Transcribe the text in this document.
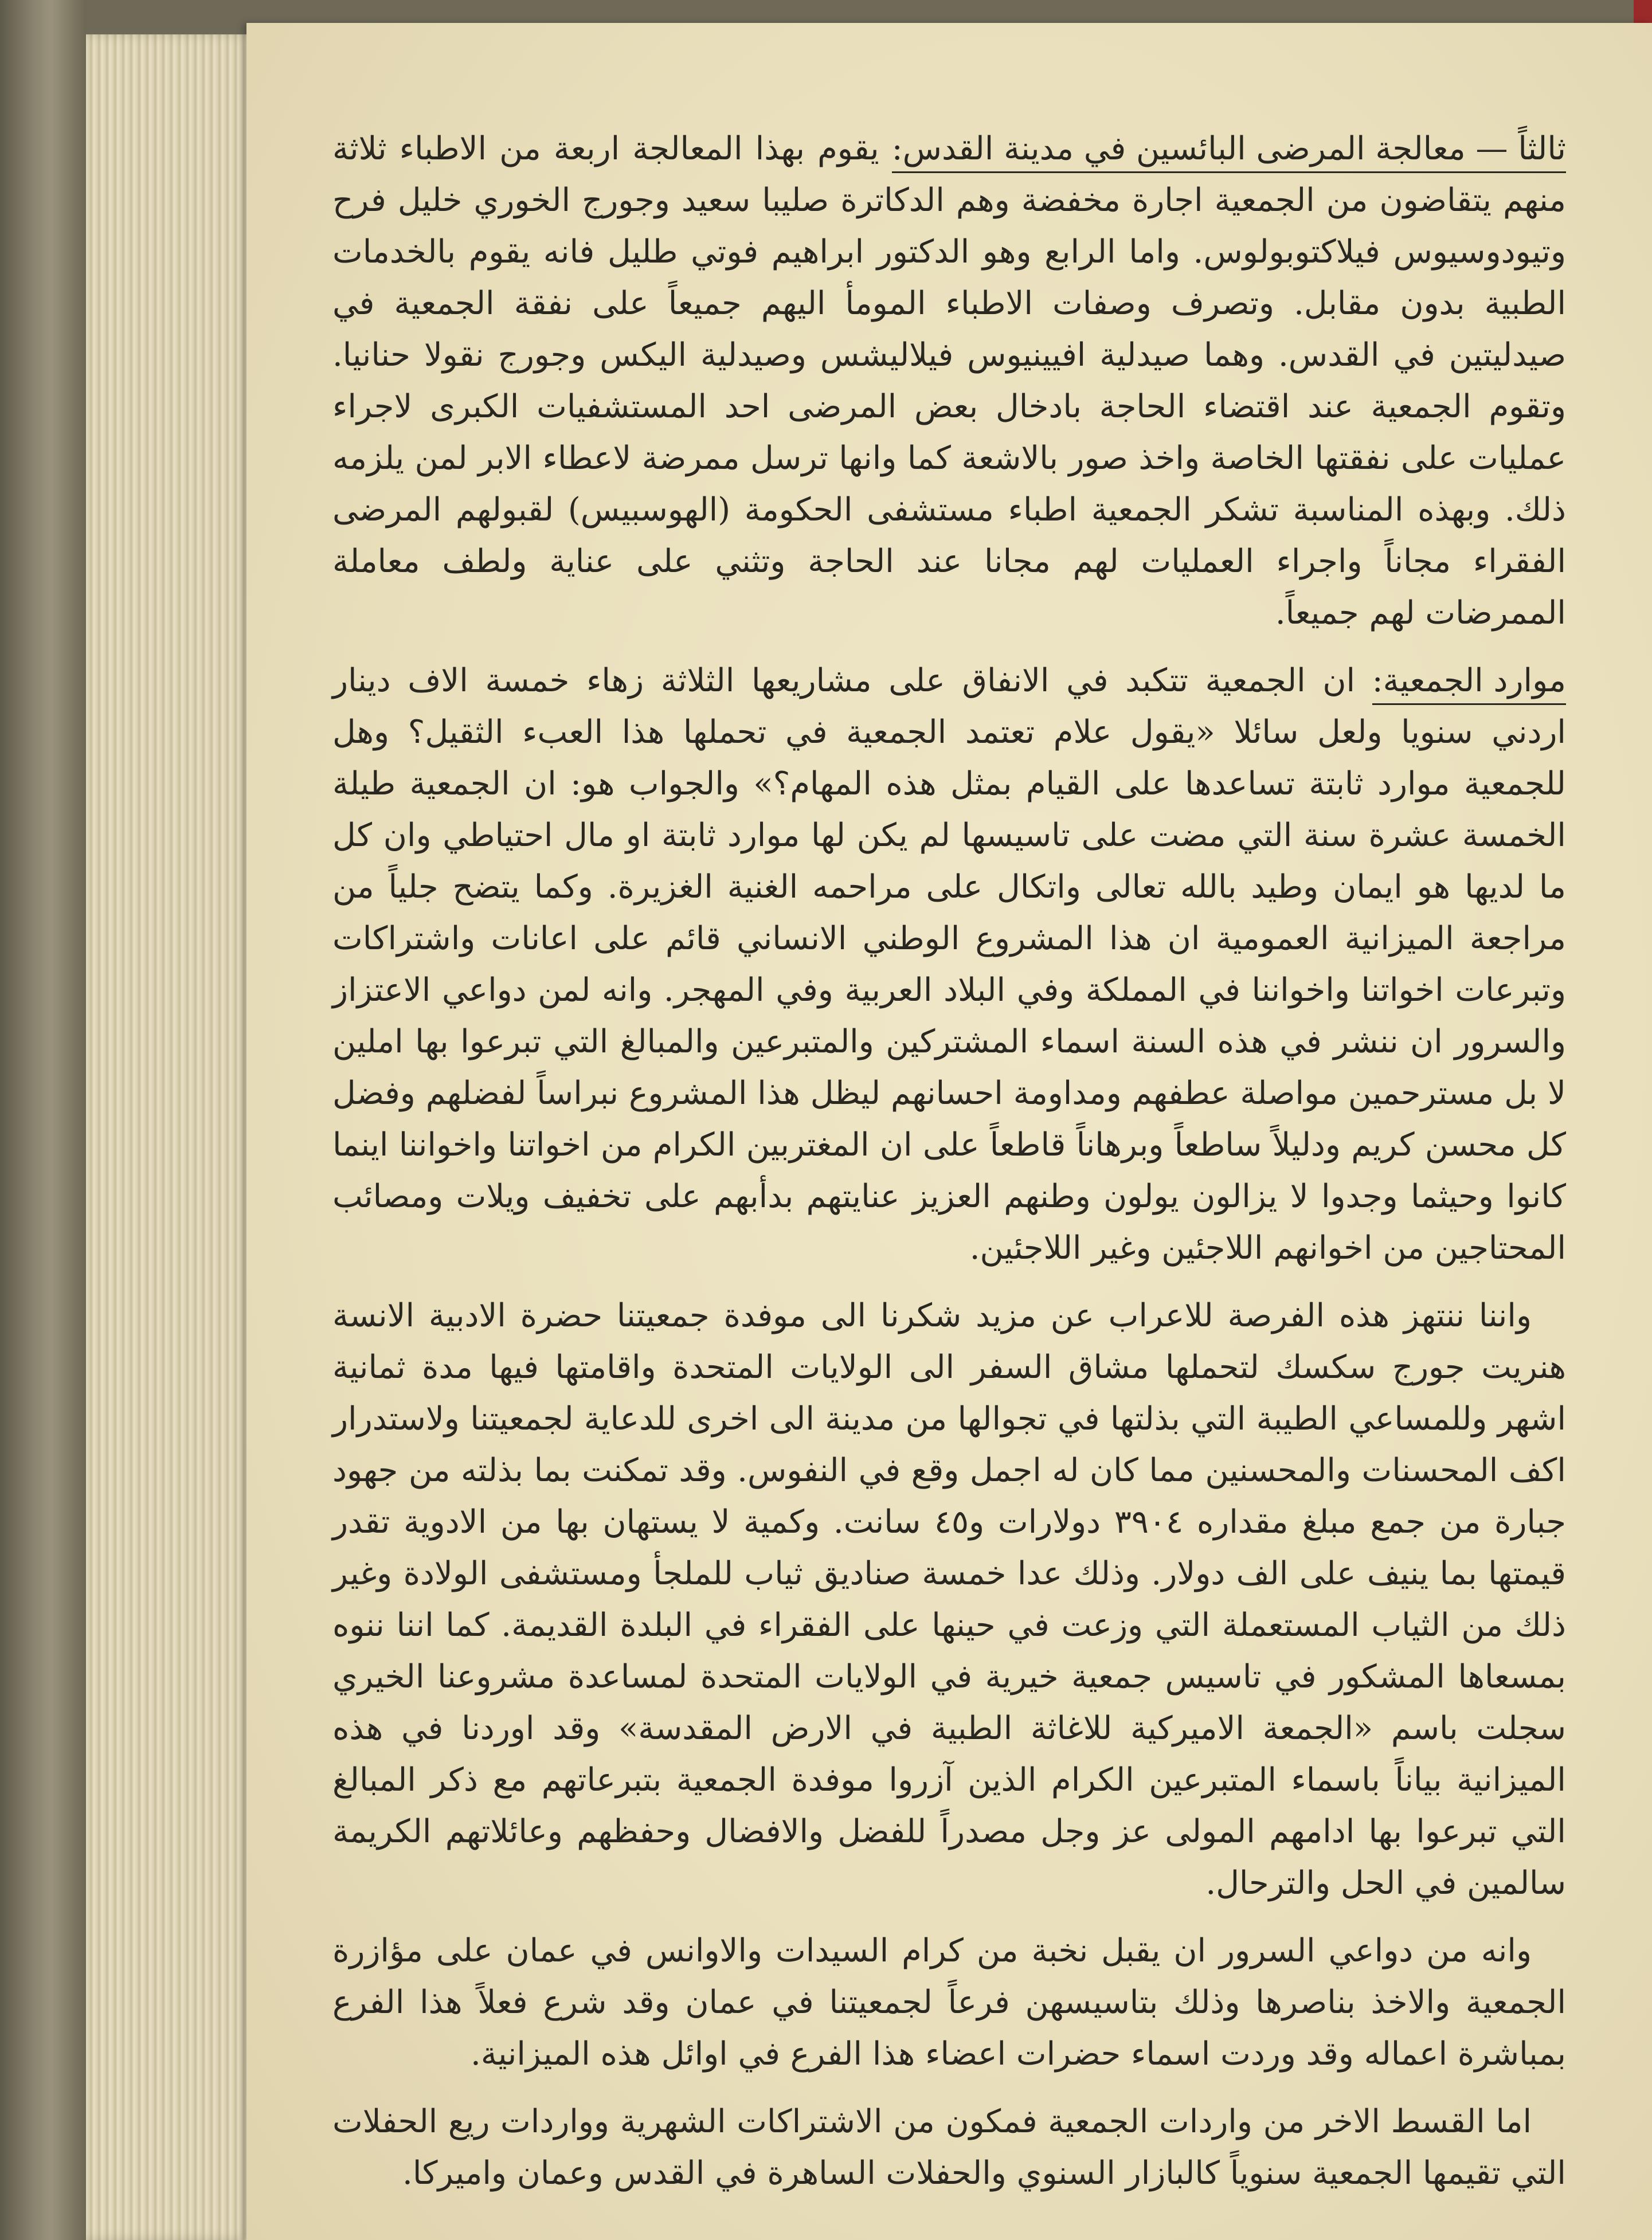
ثالثاً — معالجة المرضى البائسين في مدينة القدس: يقوم بهذا المعالجة اربعة من الاطباء ثلاثة منهم يتقاضون من الجمعية اجارة مخفضة وهم الدكاترة صليبا سعيد وجورج الخوري خليل فرح وتيودوسيوس فيلاكتوبولوس. واما الرابع وهو الدكتور ابراهيم فوتي طليل فانه يقوم بالخدمات الطبية بدون مقابل. وتصرف وصفات الاطباء المومأ اليهم جميعاً على نفقة الجمعية في صيدليتين في القدس. وهما صيدلية افيينيوس فيلاليشس وصيدلية اليكس وجورج نقولا حنانيا. وتقوم الجمعية عند اقتضاء الحاجة بادخال بعض المرضى احد المستشفيات الكبرى لاجراء عمليات على نفقتها الخاصة واخذ صور بالاشعة كما وانها ترسل ممرضة لاعطاء الابر لمن يلزمه ذلك. وبهذه المناسبة تشكر الجمعية اطباء مستشفى الحكومة (الهوسبيس) لقبولهم المرضى الفقراء مجاناً واجراء العمليات لهم مجانا عند الحاجة وتثني على عناية ولطف معاملة الممرضات لهم جميعاً.

موارد الجمعية: ان الجمعية تتكبد في الانفاق على مشاريعها الثلاثة زهاء خمسة الاف دينار اردني سنويا ولعل سائلا «يقول علام تعتمد الجمعية في تحملها هذا العبء الثقيل؟ وهل للجمعية موارد ثابتة تساعدها على القيام بمثل هذه المهام؟» والجواب هو: ان الجمعية طيلة الخمسة عشرة سنة التي مضت على تاسيسها لم يكن لها موارد ثابتة او مال احتياطي وان كل ما لديها هو ايمان وطيد بالله تعالى واتكال على مراحمه الغنية الغزيرة. وكما يتضح جلياً من مراجعة الميزانية العمومية ان هذا المشروع الوطني الانساني قائم على اعانات واشتراكات وتبرعات اخواتنا واخواننا في المملكة وفي البلاد العربية وفي المهجر. وانه لمن دواعي الاعتزاز والسرور ان ننشر في هذه السنة اسماء المشتركين والمتبرعين والمبالغ التي تبرعوا بها املين لا بل مسترحمين مواصلة عطفهم ومداومة احسانهم ليظل هذا المشروع نبراساً لفضلهم وفضل كل محسن كريم ودليلاً ساطعاً وبرهاناً قاطعاً على ان المغتربين الكرام من اخواتنا واخواننا اينما كانوا وحيثما وجدوا لا يزالون يولون وطنهم العزيز عنايتهم بدأبهم على تخفيف ويلات ومصائب المحتاجين من اخوانهم اللاجئين وغير اللاجئين.

واننا ننتهز هذه الفرصة للاعراب عن مزيد شكرنا الى موفدة جمعيتنا حضرة الادبية الانسة هنريت جورج سكسك لتحملها مشاق السفر الى الولايات المتحدة واقامتها فيها مدة ثمانية اشهر وللمساعي الطيبة التي بذلتها في تجوالها من مدينة الى اخرى للدعاية لجمعيتنا ولاستدرار اكف المحسنات والمحسنين مما كان له اجمل وقع في النفوس. وقد تمكنت بما بذلته من جهود جبارة من جمع مبلغ مقداره ٣٩٠٤ دولارات و٤٥ سانت. وكمية لا يستهان بها من الادوية تقدر قيمتها بما ينيف على الف دولار. وذلك عدا خمسة صناديق ثياب للملجأ ومستشفى الولادة وغير ذلك من الثياب المستعملة التي وزعت في حينها على الفقراء في البلدة القديمة. كما اننا ننوه بمسعاها المشكور في تاسيس جمعية خيرية في الولايات المتحدة لمساعدة مشروعنا الخيري سجلت باسم «الجمعة الاميركية للاغاثة الطبية في الارض المقدسة» وقد اوردنا في هذه الميزانية بياناً باسماء المتبرعين الكرام الذين آزروا موفدة الجمعية بتبرعاتهم مع ذكر المبالغ التي تبرعوا بها ادامهم المولى عز وجل مصدراً للفضل والافضال وحفظهم وعائلاتهم الكريمة سالمين في الحل والترحال.

وانه من دواعي السرور ان يقبل نخبة من كرام السيدات والاوانس في عمان على مؤازرة الجمعية والاخذ بناصرها وذلك بتاسيسهن فرعاً لجمعيتنا في عمان وقد شرع فعلاً هذا الفرع بمباشرة اعماله وقد وردت اسماء حضرات اعضاء هذا الفرع في اوائل هذه الميزانية.

اما القسط الاخر من واردات الجمعية فمكون من الاشتراكات الشهرية وواردات ريع الحفلات التي تقيمها الجمعية سنوياً كالبازار السنوي والحفلات الساهرة في القدس وعمان واميركا.
